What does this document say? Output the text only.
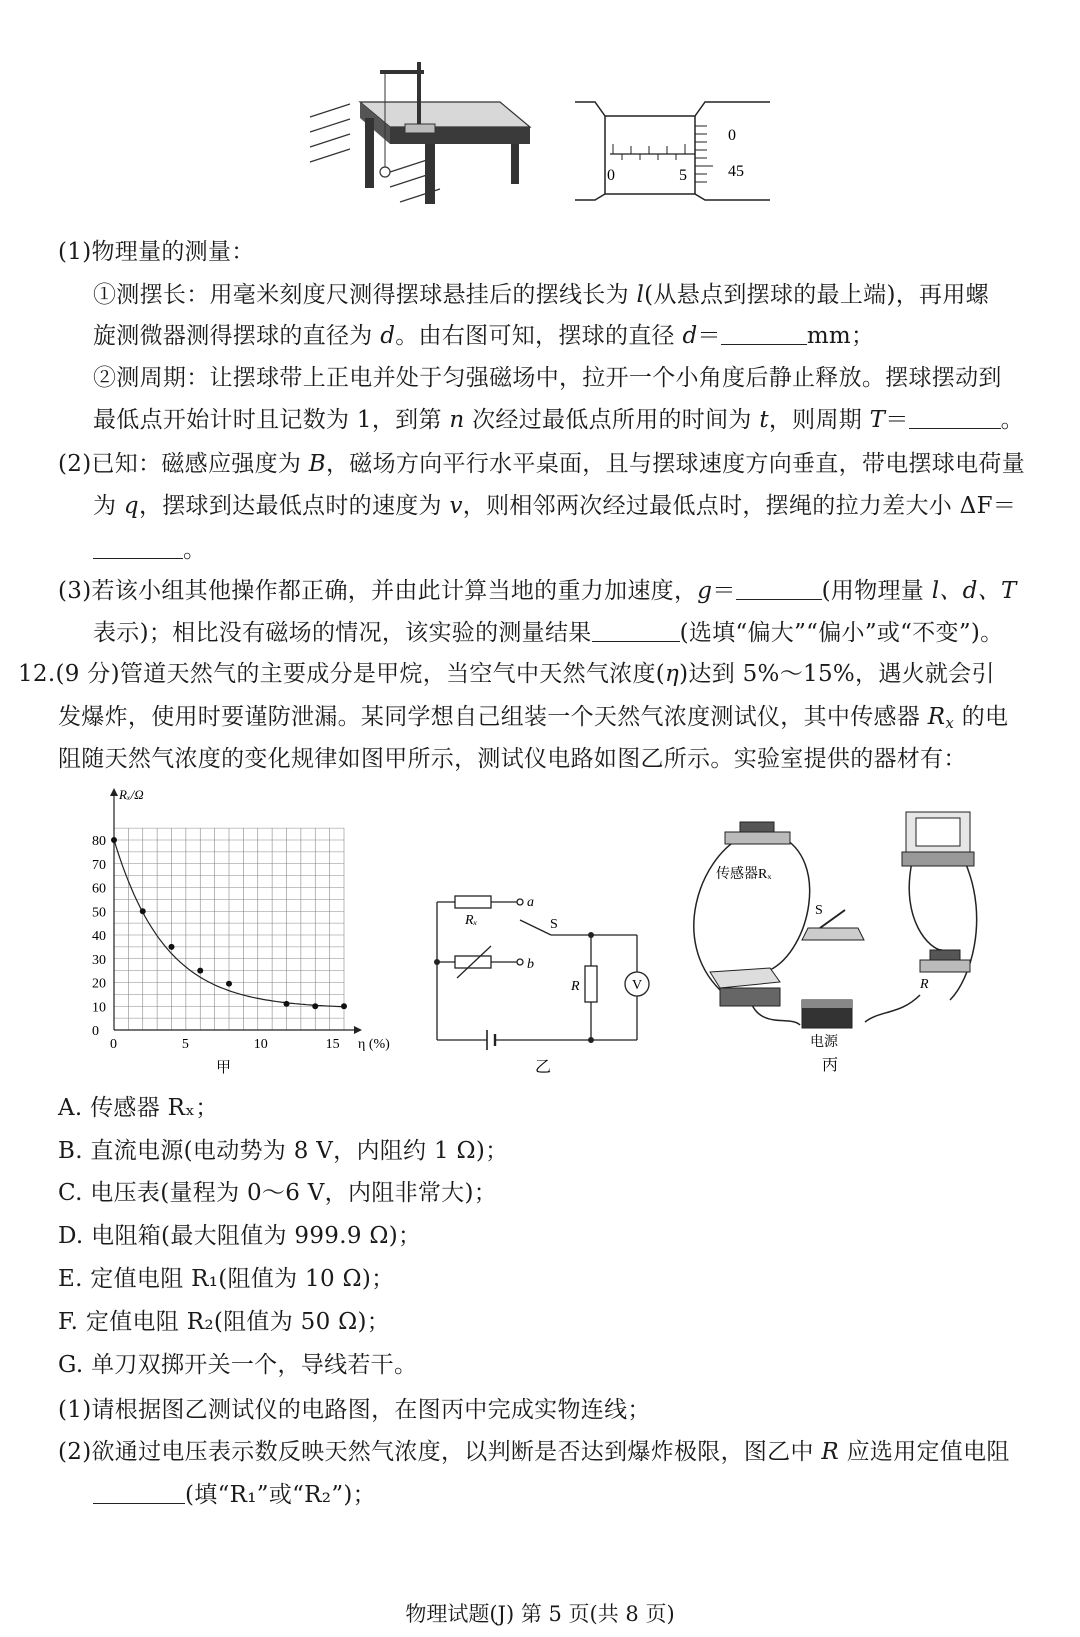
0	5
0
45
(1)物理量的测量：
①测摆长：用毫米刻度尺测得摆球悬挂后的摆线长为 l(从悬点到摆球的最上端)，再用螺
旋测微器测得摆球的直径为 d。由右图可知，摆球的直径 d＝	mm；
②测周期：让摆球带上正电并处于匀强磁场中，拉开一个小角度后静止释放。摆球摆动到
最低点开始计时且记数为 1，到第 n 次经过最低点所用的时间为 t，则周期 T＝	。
(2)已知：磁感应强度为 B，磁场方向平行水平桌面，且与摆球速度方向垂直，带电摆球电荷量
为 q，摆球到达最低点时的速度为 v，则相邻两次经过最低点时，摆绳的拉力差大小 ΔF＝
。
(3)若该小组其他操作都正确，并由此计算当地的重力加速度，g＝	(用物理量 l、d、T
表示)；相比没有磁场的情况，该实验的测量结果	(选填“偏大”“偏小”或“不变”)。
12.(9 分)管道天然气的主要成分是甲烷，当空气中天然气浓度(η)达到 5%～15%，遇火就会引
发爆炸，使用时要谨防泄漏。某同学想自己组装一个天然气浓度测试仪，其中传感器 $R_x$ 的电
阻随天然气浓度的变化规律如图甲所示，测试仪电路如图乙所示。实验室提供的器材有：
0	5	10	15
0
10
20
30
40
50
60
70
80
Rₓ/Ω
η (%)
甲
Rₓ
a
b
S
R	V
乙
传感器Rₓ
S
R
电源
丙
A. 传感器 Rₓ；
B. 直流电源(电动势为 8 V，内阻约 1 Ω)；
C. 电压表(量程为 0～6 V，内阻非常大)；
D. 电阻箱(最大阻值为 999.9 Ω)；
E. 定值电阻 R₁(阻值为 10 Ω)；
F. 定值电阻 R₂(阻值为 50 Ω)；
G. 单刀双掷开关一个，导线若干。
(1)请根据图乙测试仪的电路图，在图丙中完成实物连线；
(2)欲通过电压表示数反映天然气浓度，以判断是否达到爆炸极限，图乙中 R 应选用定值电阻
(填“R₁”或“R₂”)；
物理试题(J) 第 5 页(共 8 页)
